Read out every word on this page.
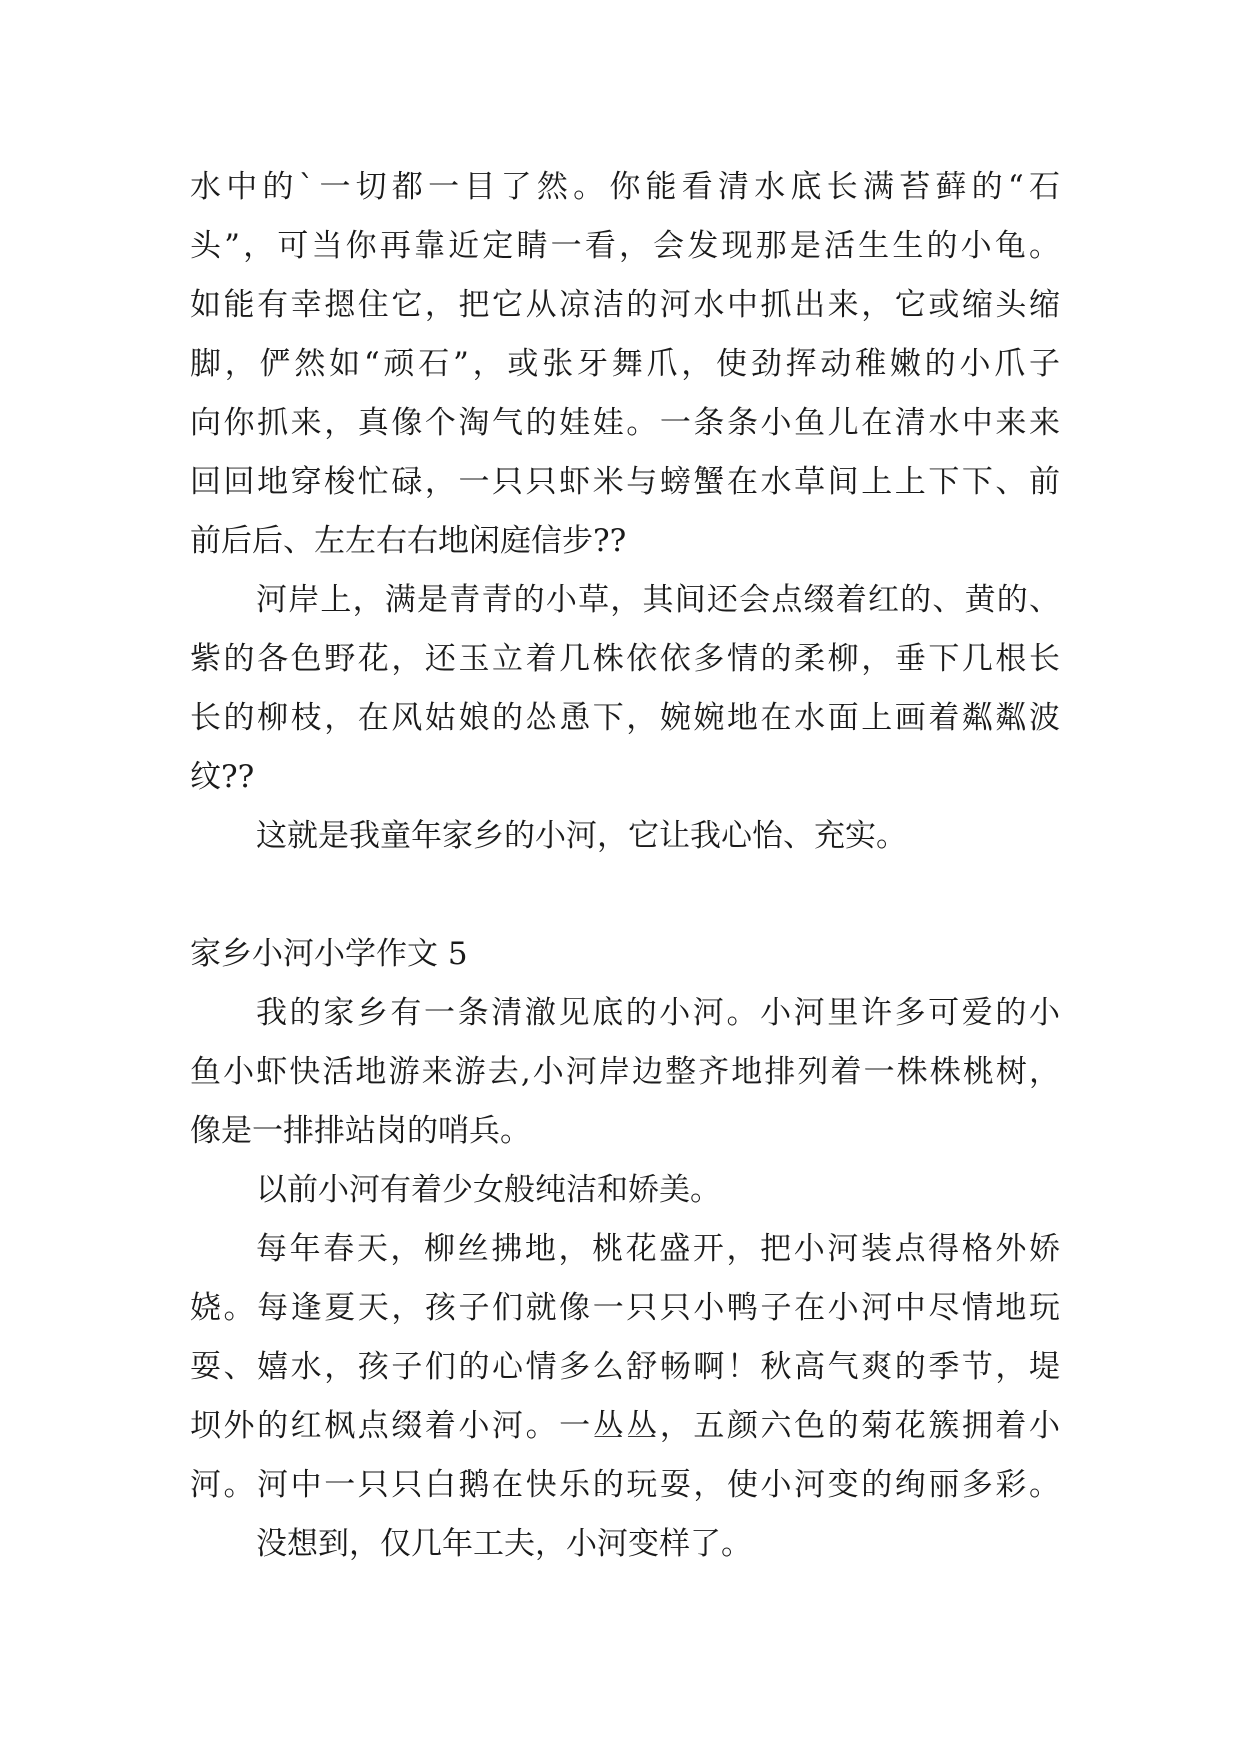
水中的`一切都一目了然。你能看清水底长满苔藓的“石
头”，可当你再靠近定睛一看，会发现那是活生生的小龟。
如能有幸摁住它，把它从凉洁的河水中抓出来，它或缩头缩
脚，俨然如“顽石”，或张牙舞爪，使劲挥动稚嫩的小爪子
向你抓来，真像个淘气的娃娃。一条条小鱼儿在清水中来来
回回地穿梭忙碌，一只只虾米与螃蟹在水草间上上下下、前
前后后、左左右右地闲庭信步??
河岸上，满是青青的小草，其间还会点缀着红的、黄的、
紫的各色野花，还玉立着几株依依多情的柔柳，垂下几根长
长的柳枝，在风姑娘的怂恿下，婉婉地在水面上画着粼粼波
纹??
这就是我童年家乡的小河，它让我心怡、充实。
家乡小河小学作文 5
我的家乡有一条清澈见底的小河。小河里许多可爱的小
鱼小虾快活地游来游去,小河岸边整齐地排列着一株株桃树，
像是一排排站岗的哨兵。
以前小河有着少女般纯洁和娇美。
每年春天，柳丝拂地，桃花盛开，把小河装点得格外娇
娆。每逢夏天，孩子们就像一只只小鸭子在小河中尽情地玩
耍、嬉水，孩子们的心情多么舒畅啊！秋高气爽的季节，堤
坝外的红枫点缀着小河。一丛丛，五颜六色的菊花簇拥着小
河。河中一只只白鹅在快乐的玩耍，使小河变的绚丽多彩。
没想到，仅几年工夫，小河变样了。
